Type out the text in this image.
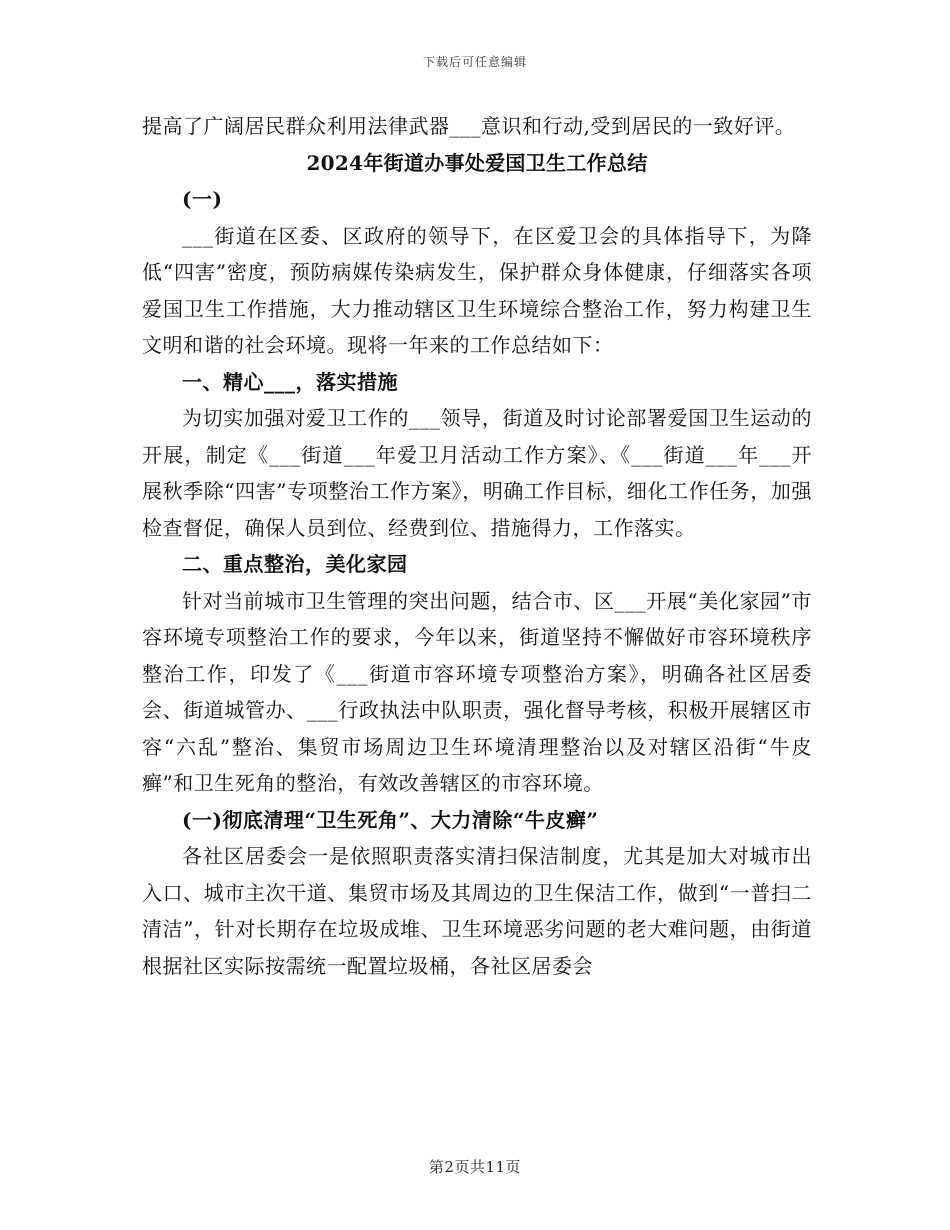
下载后可任意编辑

提高了广阔居民群众利用法律武器___意识和行动,受到居民的一致好评。

2024年街道办事处爱国卫生工作总结

(一)

___街道在区委、区政府的领导下，在区爱卫会的具体指导下，为降低“四害”密度，预防病媒传染病发生，保护群众身体健康，仔细落实各项爱国卫生工作措施，大力推动辖区卫生环境综合整治工作，努力构建卫生文明和谐的社会环境。现将一年来的工作总结如下：

一、精心___，落实措施

为切实加强对爱卫工作的___领导，街道及时讨论部署爱国卫生运动的开展，制定《___街道___年爱卫月活动工作方案》、《___街道___年___开展秋季除“四害”专项整治工作方案》，明确工作目标，细化工作任务，加强检查督促，确保人员到位、经费到位、措施得力，工作落实。

二、重点整治，美化家园

针对当前城市卫生管理的突出问题，结合市、区___开展“美化家园”市容环境专项整治工作的要求，今年以来，街道坚持不懈做好市容环境秩序整治工作，印发了《___街道市容环境专项整治方案》，明确各社区居委会、街道城管办、___行政执法中队职责，强化督导考核，积极开展辖区市容“六乱”整治、集贸市场周边卫生环境清理整治以及对辖区沿街“牛皮癣”和卫生死角的整治，有效改善辖区的市容环境。

(一)彻底清理“卫生死角”、大力清除“牛皮癣”

各社区居委会一是依照职责落实清扫保洁制度，尤其是加大对城市出入口、城市主次干道、集贸市场及其周边的卫生保洁工作，做到“一普扫二清洁”，针对长期存在垃圾成堆、卫生环境恶劣问题的老大难问题，由街道根据社区实际按需统一配置垃圾桶，各社区居委会

第2页共11页
